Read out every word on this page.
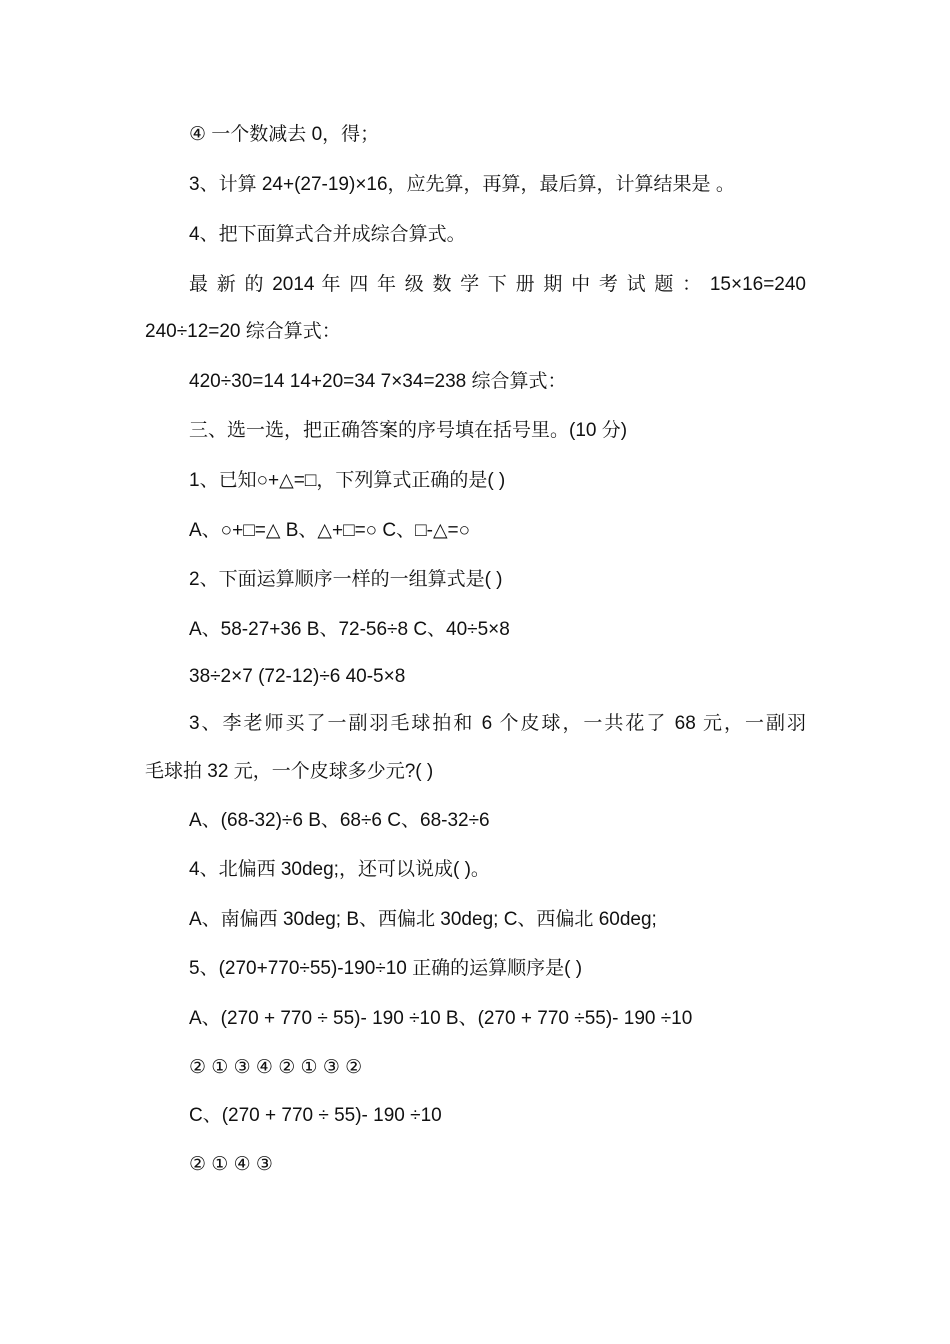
④ 一个数减去 0，得；
3、计算 24+(27-19)×16，应先算，再算，最后算，计算结果是 。
4、把下面算式合并成综合算式。
最 新 的 2014 年 四 年 级 数 学 下 册 期 中 考 试 题 ： 15×16=240
240÷12=20 综合算式：
420÷30=14 14+20=34 7×34=238 综合算式：
三、选一选，把正确答案的序号填在括号里。(10 分)
1、已知○+△=□，下列算式正确的是( )
A、○+□=△ B、△+□=○ C、□-△=○
2、下面运算顺序一样的一组算式是( )
A、58-27+36 B、72-56÷8 C、40÷5×8
38÷2×7 (72-12)÷6 40-5×8
3、李老师买了一副羽毛球拍和 6 个皮球，一共花了 68 元，一副羽
毛球拍 32 元，一个皮球多少元?( )
A、(68-32)÷6 B、68÷6 C、68-32÷6
4、北偏西 30deg;，还可以说成( )。
A、南偏西 30deg; B、西偏北 30deg; C、西偏北 60deg;
5、(270+770÷55)-190÷10 正确的运算顺序是( )
A、(270 + 770 ÷ 55)- 190 ÷10 B、(270 + 770 ÷55)- 190 ÷10
② ① ③ ④ ② ① ③ ②
C、(270 + 770 ÷ 55)- 190 ÷10
② ① ④ ③
